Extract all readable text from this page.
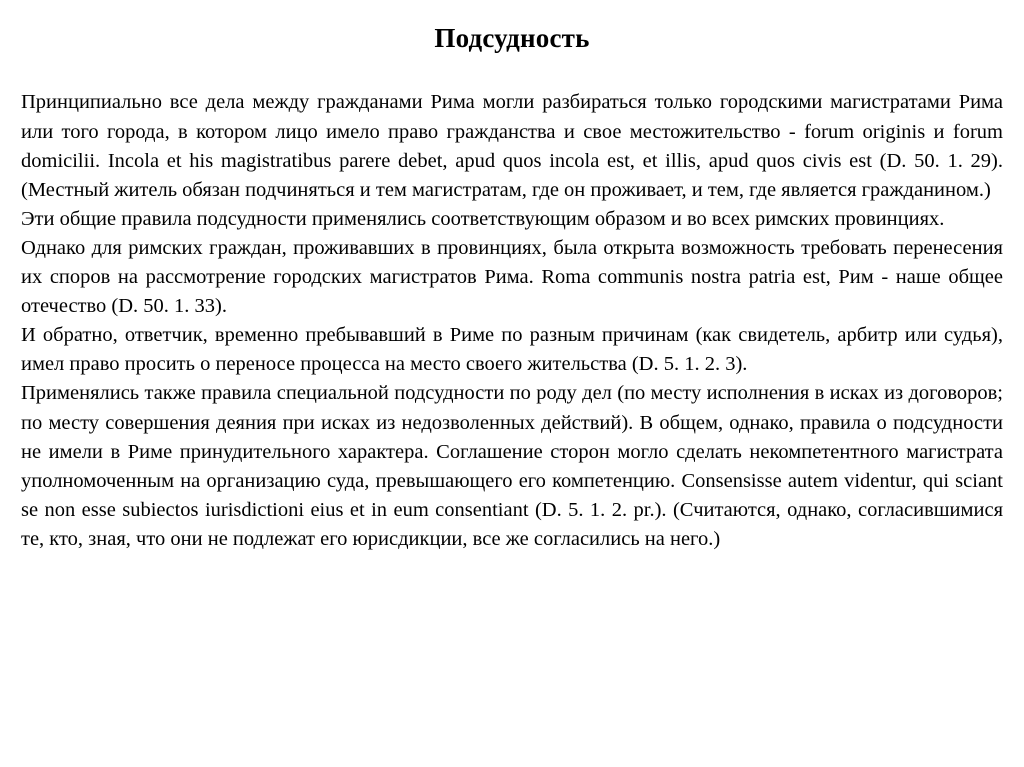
Подсудность

Принципиально все дела между гражданами Рима могли разбираться только городскими магистратами Рима или того города, в котором лицо имело право гражданства и свое местожительство - forum originis и forum domicilii. Incola et his magistratibus parere debet, apud quos incola est, et illis, apud quos civis est (D. 50. 1. 29). (Местный житель обязан подчиняться и тем магистратам, где он проживает, и тем, где является гражданином.)

Эти общие правила подсудности применялись соответствующим образом и во всех римских провинциях.

Однако для римских граждан, проживавших в провинциях, была открыта возможность требовать перенесения их споров на рассмотрение городских магистратов Рима. Roma communis nostra patria est, Рим - наше общее отечество (D. 50. 1. 33).

И обратно, ответчик, временно пребывавший в Риме по разным причинам (как свидетель, арбитр или судья), имел право просить о переносе процесса на место своего жительства (D. 5. 1. 2. 3).

Применялись также правила специальной подсудности по роду дел (по месту исполнения в исках из договоров; по месту совершения деяния при исках из недозволенных действий). В общем, однако, правила о подсудности не имели в Риме принудительного характера. Соглашение сторон могло сделать некомпетентного магистрата уполномоченным на организацию суда, превышающего его компетенцию. Consensisse autem videntur, qui sciant se non esse subiectos iurisdictioni eius et in eum consentiant (D. 5. 1. 2. pr.). (Считаются, однако, согласившимися те, кто, зная, что они не подлежат его юрисдикции, все же согласились на него.)
